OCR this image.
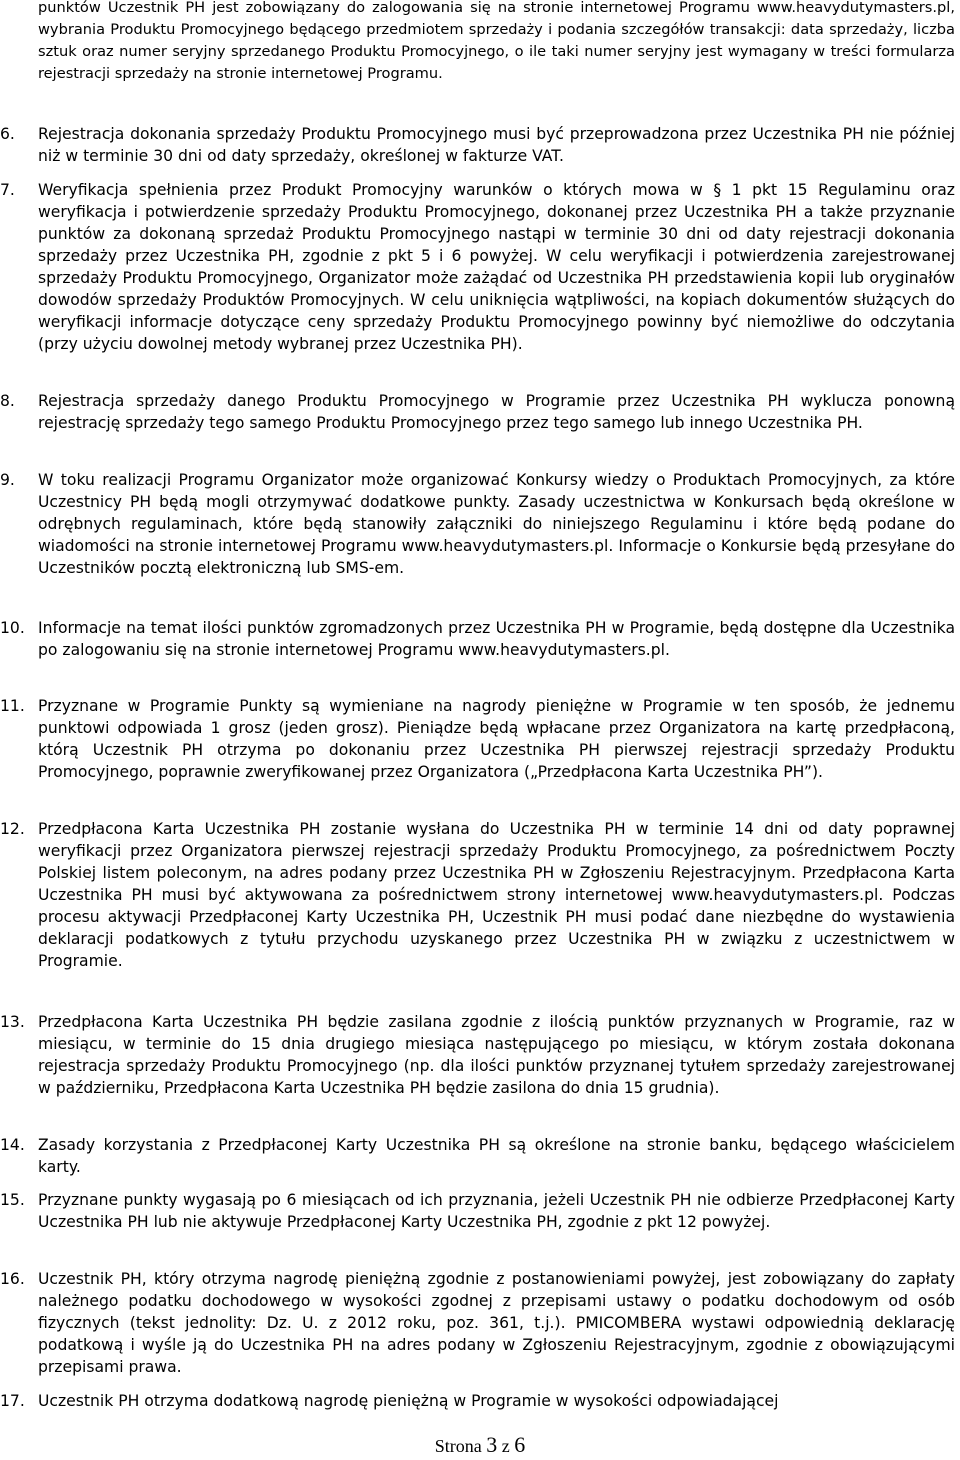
punktów Uczestnik PH jest zobowiązany do zalogowania się na stronie internetowej Programu www.heavydutymasters.pl, wybrania Produktu Promocyjnego będącego przedmiotem sprzedaży i podania szczegółów transakcji: data sprzedaży, liczba sztuk oraz numer seryjny sprzedanego Produktu Promocyjnego, o ile taki numer seryjny jest wymagany w treści formularza rejestracji sprzedaży na stronie internetowej Programu.
6.	Rejestracja dokonania sprzedaży Produktu Promocyjnego musi być przeprowadzona przez Uczestnika PH nie później niż w terminie 30 dni od daty sprzedaży, określonej w fakturze VAT.
7.	Weryfikacja spełnienia przez Produkt Promocyjny warunków o których mowa w § 1 pkt 15 Regulaminu oraz weryfikacja i potwierdzenie sprzedaży Produktu Promocyjnego, dokonanej przez Uczestnika PH a także przyznanie punktów za dokonaną sprzedaż Produktu Promocyjnego nastąpi w terminie 30 dni od daty rejestracji dokonania sprzedaży przez Uczestnika PH, zgodnie z pkt 5 i 6 powyżej. W celu weryfikacji i potwierdzenia zarejestrowanej sprzedaży Produktu Promocyjnego, Organizator może zażądać od Uczestnika PH przedstawienia kopii lub oryginałów dowodów sprzedaży Produktów Promocyjnych. W celu uniknięcia wątpliwości, na kopiach dokumentów służących do weryfikacji informacje dotyczące ceny sprzedaży Produktu Promocyjnego powinny być niemożliwe do odczytania (przy użyciu dowolnej metody wybranej przez Uczestnika PH).
8.	Rejestracja sprzedaży danego Produktu Promocyjnego w Programie przez Uczestnika PH wyklucza ponowną rejestrację sprzedaży tego samego Produktu Promocyjnego przez tego samego lub innego Uczestnika PH.
9.	W toku realizacji Programu Organizator może organizować Konkursy wiedzy o Produktach Promocyjnych, za które Uczestnicy PH będą mogli otrzymywać dodatkowe punkty. Zasady uczestnictwa w Konkursach będą określone w odrębnych regulaminach, które będą stanowiły załączniki do niniejszego Regulaminu i które będą podane do wiadomości na stronie internetowej Programu www.heavydutymasters.pl. Informacje o Konkursie będą przesyłane do Uczestników pocztą elektroniczną lub SMS-em.
10. Informacje na temat ilości punktów zgromadzonych przez Uczestnika PH w Programie, będą dostępne dla Uczestnika po zalogowaniu się na stronie internetowej Programu www.heavydutymasters.pl.
11. Przyznane w Programie Punkty są wymieniane na nagrody pieniężne w Programie w ten sposób, że jednemu punktowi odpowiada 1 grosz (jeden grosz). Pieniądze będą wpłacane przez Organizatora na kartę przedpłaconą, którą Uczestnik PH otrzyma po dokonaniu przez Uczestnika PH pierwszej rejestracji sprzedaży Produktu Promocyjnego, poprawnie zweryfikowanej przez Organizatora („Przedpłacona Karta Uczestnika PH”).
12. Przedpłacona Karta Uczestnika PH zostanie wysłana do Uczestnika PH w terminie 14 dni od daty poprawnej weryfikacji przez Organizatora pierwszej rejestracji sprzedaży Produktu Promocyjnego, za pośrednictwem Poczty Polskiej listem poleconym, na adres podany przez Uczestnika PH w Zgłoszeniu Rejestracyjnym. Przedpłacona Karta Uczestnika PH musi być aktywowana za pośrednictwem strony internetowej www.heavydutymasters.pl. Podczas procesu aktywacji Przedpłaconej Karty Uczestnika PH, Uczestnik PH musi podać dane niezbędne do wystawienia deklaracji podatkowych z tytułu przychodu uzyskanego przez Uczestnika PH w związku z uczestnictwem w Programie.
13. Przedpłacona Karta Uczestnika PH będzie zasilana zgodnie z ilością punktów przyznanych w Programie, raz w miesiącu, w terminie do 15 dnia drugiego miesiąca następującego po miesiącu, w którym została dokonana rejestracja sprzedaży Produktu Promocyjnego (np. dla ilości punktów przyznanej tytułem sprzedaży zarejestrowanej w październiku, Przedpłacona Karta Uczestnika PH będzie zasilona do dnia 15 grudnia).
14. Zasady korzystania z Przedpłaconej Karty Uczestnika PH są określone na stronie banku, będącego właścicielem karty.
15. Przyznane punkty wygasają po 6 miesiącach od ich przyznania, jeżeli Uczestnik PH nie odbierze Przedpłaconej Karty Uczestnika PH lub nie aktywuje Przedpłaconej Karty Uczestnika PH, zgodnie z pkt 12 powyżej.
16. Uczestnik PH, który otrzyma nagrodę pieniężną zgodnie z postanowieniami powyżej, jest zobowiązany do zapłaty należnego podatku dochodowego w wysokości zgodnej z przepisami ustawy o podatku dochodowym od osób fizycznych (tekst jednolity: Dz. U. z 2012 roku, poz. 361, t.j.). PMICOMBERA wystawi odpowiednią deklarację podatkową i wyśle ją do Uczestnika PH na adres podany w Zgłoszeniu Rejestracyjnym, zgodnie z obowiązującymi przepisami prawa.
17. Uczestnik PH otrzyma dodatkową nagrodę pieniężną w Programie w wysokości odpowiadającej
Strona 3 z 6
